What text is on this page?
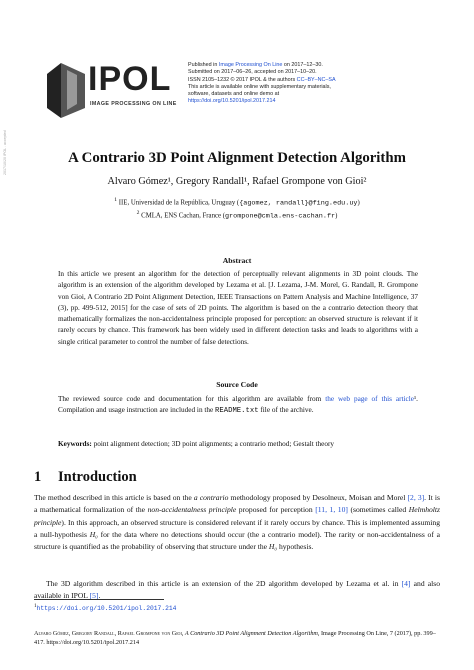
2017/10/20 IPOL ∙ accepted
IPOL
IMAGE PROCESSING ON LINE
Published in Image Processing On Line on 2017–12–30.
Submitted on 2017–06–26, accepted on 2017–10–20.
ISSN 2105–1232 © 2017 IPOL & the authors CC–BY–NC–SA
This article is available online with supplementary materials,
software, datasets and online demo at
https://doi.org/10.5201/ipol.2017.214
A Contrario 3D Point Alignment Detection Algorithm
Alvaro Gómez¹, Gregory Randall¹, Rafael Grompone von Gioi²
$^1$ IIE, Universidad de la República, Uruguay ({agomez, randall}@fing.edu.uy)
$^2$ CMLA, ENS Cachan, France (grompone@cmla.ens-cachan.fr)
Abstract
In this article we present an algorithm for the detection of perceptually relevant alignments in 3D point clouds. The algorithm is an extension of the algorithm developed by Lezama et al. [J. Lezama, J-M. Morel, G. Randall, R. Grompone von Gioi, A Contrario 2D Point Alignment Detection, IEEE Transactions on Pattern Analysis and Machine Intelligence, 37 (3), pp. 499-512, 2015] for the case of sets of 2D points. The algorithm is based on the a contrario detection theory that mathematically formalizes the non-accidentalness principle proposed for perception: an observed structure is relevant if it rarely occurs by chance. This framework has been widely used in different detection tasks and leads to algorithms with a single critical parameter to control the number of false detections.
Source Code
The reviewed source code and documentation for this algorithm are available from the web page of this article¹. Compilation and usage instruction are included in the README.txt file of the archive.
Keywords: point alignment detection; 3D point alignments; a contrario method; Gestalt theory
1 Introduction
The method described in this article is based on the a contrario methodology proposed by Desolneux, Moisan and Morel [2, 3]. It is a mathematical formalization of the non-accidentalness principle proposed for perception [11, 1, 10] (sometimes called Helmholtz principle). In this approach, an observed structure is considered relevant if it rarely occurs by chance. This is implemented assuming a null-hypothesis H₀ for the data where no detections should occur (the a contrario model). The rarity or non-accidentalness of a structure is quantified as the probability of observing that structure under the H₀ hypothesis.
The 3D algorithm described in this article is an extension of the 2D algorithm developed by Lezama et al. in [4] and also available in IPOL [5].
$^1$https://doi.org/10.5201/ipol.2017.214
Alvaro Gómez, Gregory Randall, Rafael Grompone von Gioi, A Contrario 3D Point Alignment Detection Algorithm, Image Processing On Line, 7 (2017), pp. 399–417. https://doi.org/10.5201/ipol.2017.214
